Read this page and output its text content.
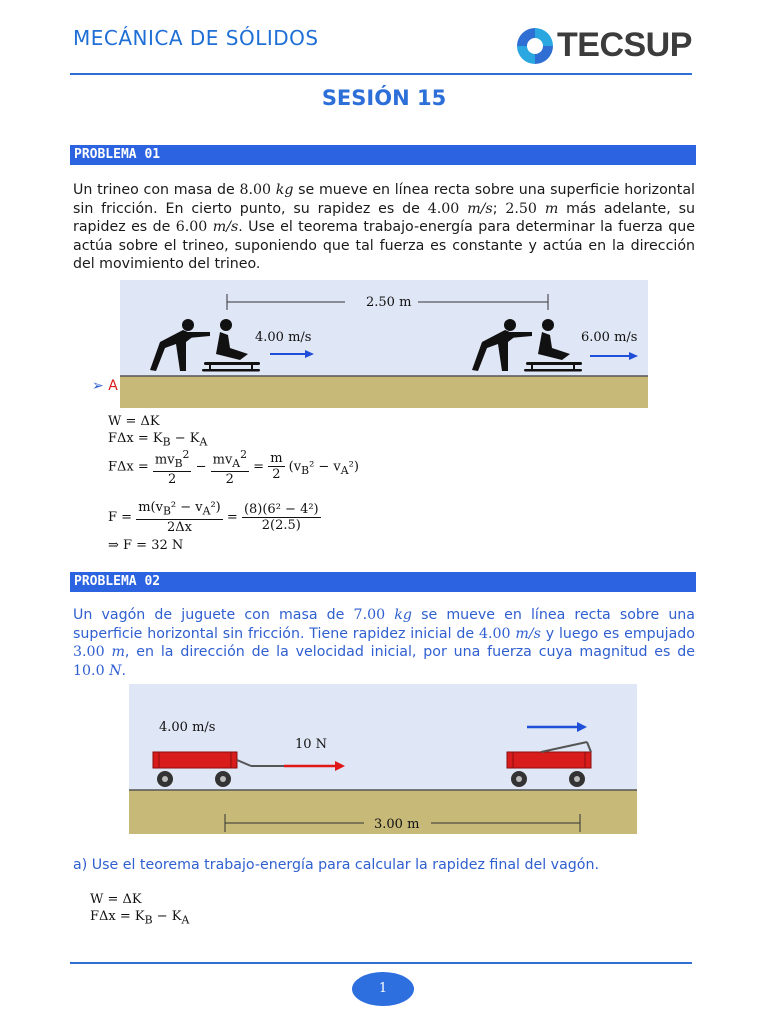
MECÁNICA DE SÓLIDOS	TECSUP
SESIÓN 15
PROBLEMA 01
Un trineo con masa de 8.00 kg se mueve en línea recta sobre una superficie horizontal sin fricción. En cierto punto, su rapidez es de 4.00 m/s; 2.50 m más adelante, su rapidez es de 6.00 m/s. Use el teorema trabajo-energía para determinar la fuerza que actúa sobre el trineo, suponiendo que tal fuerza es constante y actúa en la dirección del movimiento del trineo.
2.50 m
4.00 m/s	6.00 m/s
➢ A
W = ΔK
$F\Delta x = K_B - K_A$
$F\Delta x = \frac{mv_B^2}{2} - \frac{mv_A^2}{2} = \frac{m}{2} (v_B^2 - v_A^2)$
$F = \frac{m(v_B^2 - v_A^2)}{2\Delta x} = \frac{\text{(8)(6² − 4²)}}{2(2.5)}$
⇒ F = 32 N
PROBLEMA 02
Un vagón de juguete con masa de 7.00 kg se mueve en línea recta sobre una superficie horizontal sin fricción. Tiene rapidez inicial de 4.00 m/s y luego es empujado 3.00 m, en la dirección de la velocidad inicial, por una fuerza cuya magnitud es de 10.0 N.
4.00 m/s
10 N
3.00 m
a) Use el teorema trabajo-energía para calcular la rapidez final del vagón.
W = ΔK
$F\Delta x = K_B - K_A$
1
